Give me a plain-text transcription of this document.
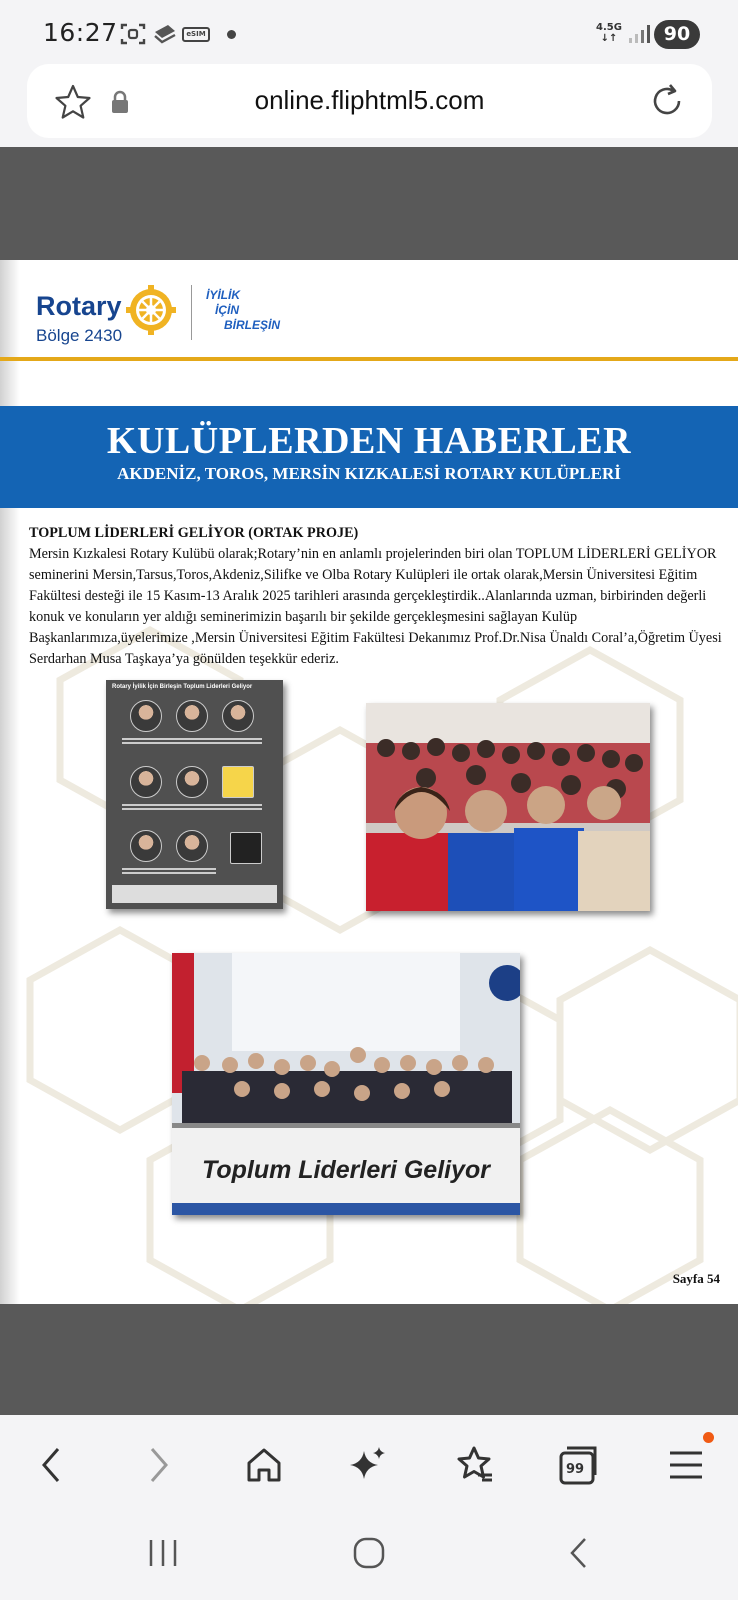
16:27	eSIM
4.5G
↓↑	90
online.fliphtml5.com
Rotary
Bölge 2430
İYİLİK
İÇİN
BİRLEŞİN
KULÜPLERDEN HABERLER
AKDENİZ, TOROS, MERSİN KIZKALESİ ROTARY KULÜPLERİ
TOPLUM LİDERLERİ GELİYOR (ORTAK PROJE)
Mersin Kızkalesi Rotary Kulübü olarak;Rotary’nin en anlamlı projelerinden biri olan TOPLUM LİDERLERİ GELİYOR seminerini Mersin,Tarsus,Toros,Akdeniz,Silifke ve Olba Rotary Kulüpleri ile ortak olarak,Mersin Üniversitesi Eğitim Fakültesi desteği ile 15 Kasım-13 Aralık 2025 tarihleri arasında gerçekleştirdik..Alanlarında uzman, birbirinden değerli konuk ve konuların yer aldığı seminerimizin başarılı bir şekilde gerçekleşmesini sağlayan Kulüp Başkanlarımıza,üyelerimize ,Mersin Üniversitesi Eğitim Fakültesi Dekanımız Prof.Dr.Nisa Ünaldı Coral’a,Öğretim Üyesi Serdarhan Musa Taşkaya’ya gönülden teşekkür ederiz.
Rotary İyilik İçin Birleşin Toplum Liderleri Geliyor
Toplum Liderleri Geliyor
Sayfa 54
99
